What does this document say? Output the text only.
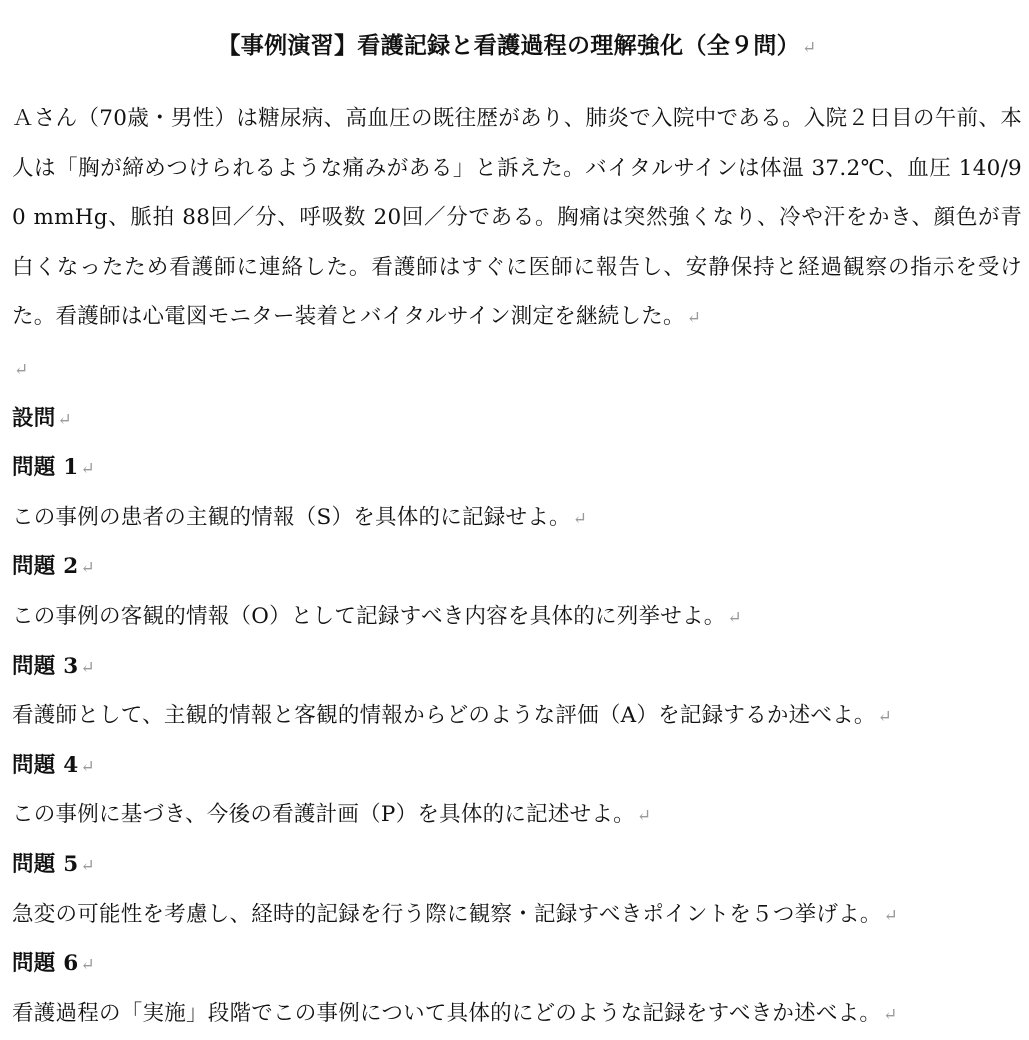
【事例演習】看護記録と看護過程の理解強化（全９問） ↵
Ａさん（70歳・男性）は糖尿病、高血圧の既往歴があり、肺炎で入院中である。入院２日目の午前、本人は「胸が締めつけられるような痛みがある」と訴えた。バイタルサインは体温 37.2℃、血圧 140/90 mmHg、脈拍 88回／分、呼吸数 20回／分である。胸痛は突然強くなり、冷や汗をかき、顔色が青白くなったため看護師に連絡した。看護師はすぐに医師に報告し、安静保持と経過観察の指示を受けた。看護師は心電図モニター装着とバイタルサイン測定を継続した。 ↵
↵
設問 ↵
問題 1 ↵
この事例の患者の主観的情報（S）を具体的に記録せよ。 ↵
問題 2 ↵
この事例の客観的情報（O）として記録すべき内容を具体的に列挙せよ。 ↵
問題 3 ↵
看護師として、主観的情報と客観的情報からどのような評価（A）を記録するか述べよ。 ↵
問題 4 ↵
この事例に基づき、今後の看護計画（P）を具体的に記述せよ。 ↵
問題 5 ↵
急変の可能性を考慮し、経時的記録を行う際に観察・記録すべきポイントを５つ挙げよ。 ↵
問題 6 ↵
看護過程の「実施」段階でこの事例について具体的にどのような記録をすべきか述べよ。 ↵
